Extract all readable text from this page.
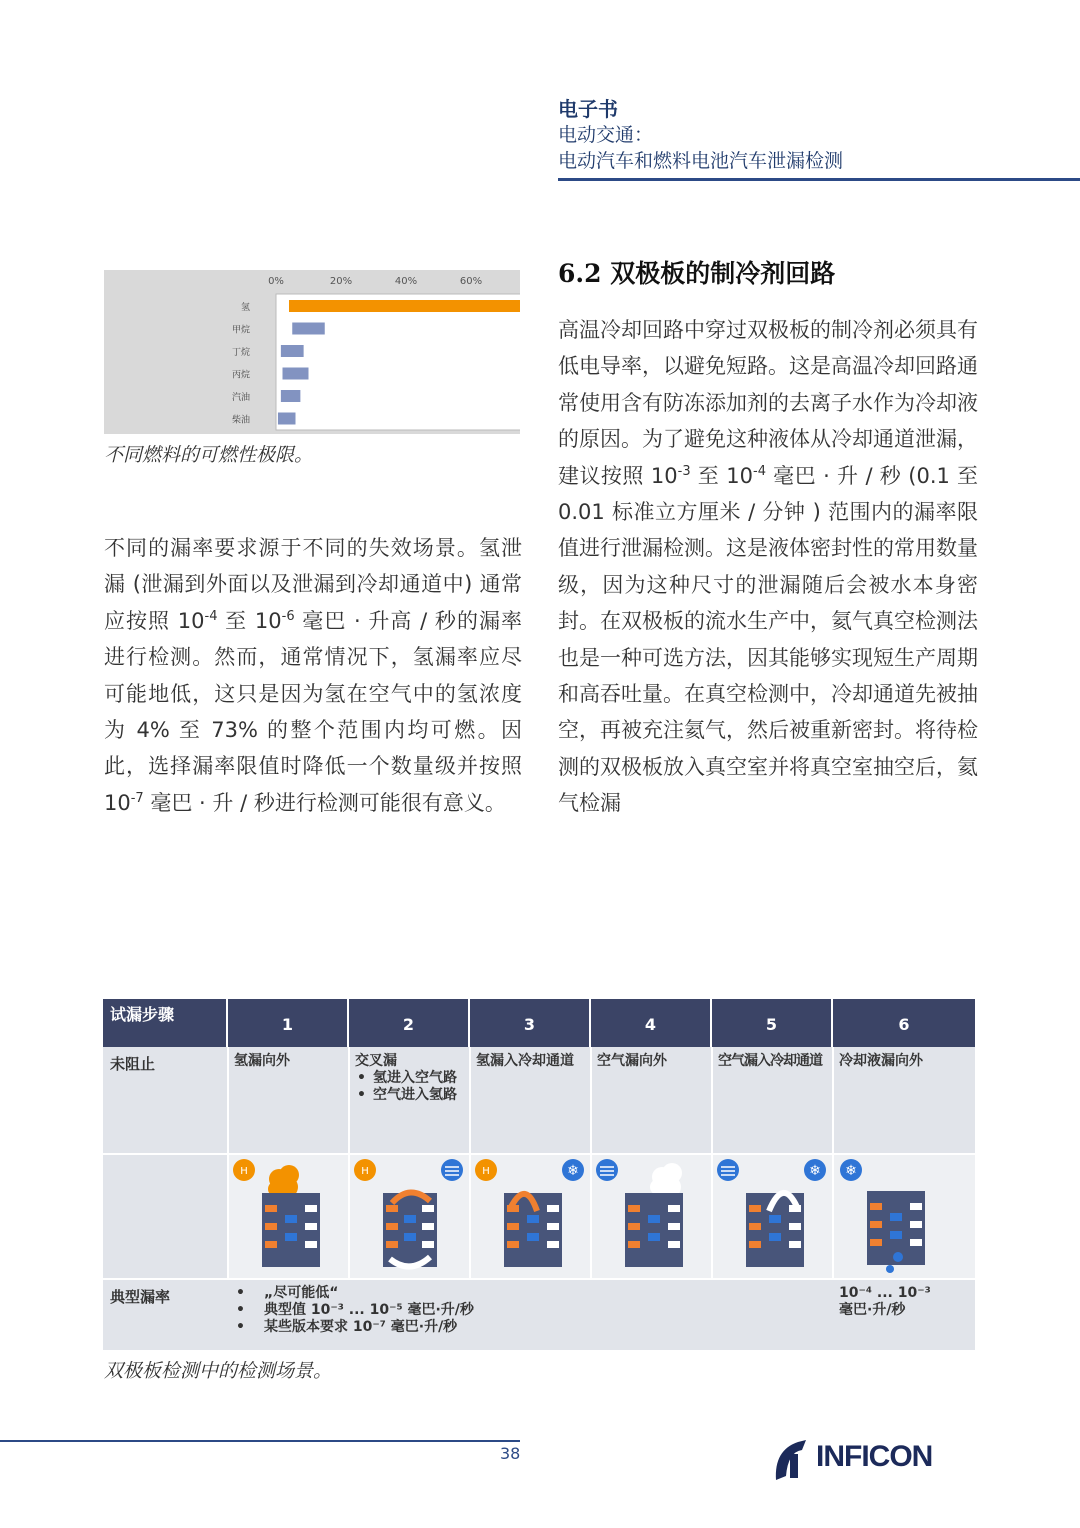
电子书
电动交通：
电动汽车和燃料电池汽车泄漏检测
0%	20%	40%	60%
氢
甲烷
丁烷
丙烷
汽油
柴油
不同燃料的可燃性极限。
不同的漏率要求源于不同的失效场景。氢泄漏 (泄漏到外面以及泄漏到冷却通道中) 通常应按照 $10^{-4}$ 至 $10^{-6}$ 毫巴 · 升高 / 秒的漏率进行检测。然而，通常情况下，氢漏率应尽可能地低，这只是因为氢在空气中的氢浓度为 4% 至 73% 的整个范围内均可燃。因此，选择漏率限值时降低一个数量级并按照 $10^{-7}$ 毫巴 · 升 / 秒进行检测可能很有意义。
6.2 双极板的制冷剂回路
高温冷却回路中穿过双极板的制冷剂必须具有低电导率，以避免短路。这是高温冷却回路通常使用含有防冻添加剂的去离子水作为冷却液的原因。为了避免这种液体从冷却通道泄漏，建议按照 $10^{-3}$ 至 $10^{-4}$ 毫巴 · 升 / 秒 (0.1 至 0.01 标准立方厘米 / 分钟 ) 范围内的漏率限值进行泄漏检测。这是液体密封性的常用数量级，因为这种尺寸的泄漏随后会被水本身密封。在双极板的流水生产中，氦气真空检测法也是一种可选方法，因其能够实现短生产周期和高吞吐量。在真空检测中，冷却通道先被抽空，再被充注氦气，然后被重新密封。将待检测的双极板放入真空室并将真空室抽空后，氦气检漏
试漏步骤
1	2	3	4	5	6
未阻止	氢漏向外	交叉漏
• 氢进入空气路
• 空气进入氢路
氢漏入冷却通道 空气漏向外	空气漏入冷却通道 冷却液漏向外
H	H	H	❄	❄ ❄
典型漏率
•	„尽可能低“
• 典型值 10⁻³ ... 10⁻⁵ 毫巴·升/秒
• 某些版本要求 10⁻⁷ 毫巴·升/秒
10⁻⁴ ... 10⁻³
毫巴·升/秒
双极板检测中的检测场景。
38	INFICON
